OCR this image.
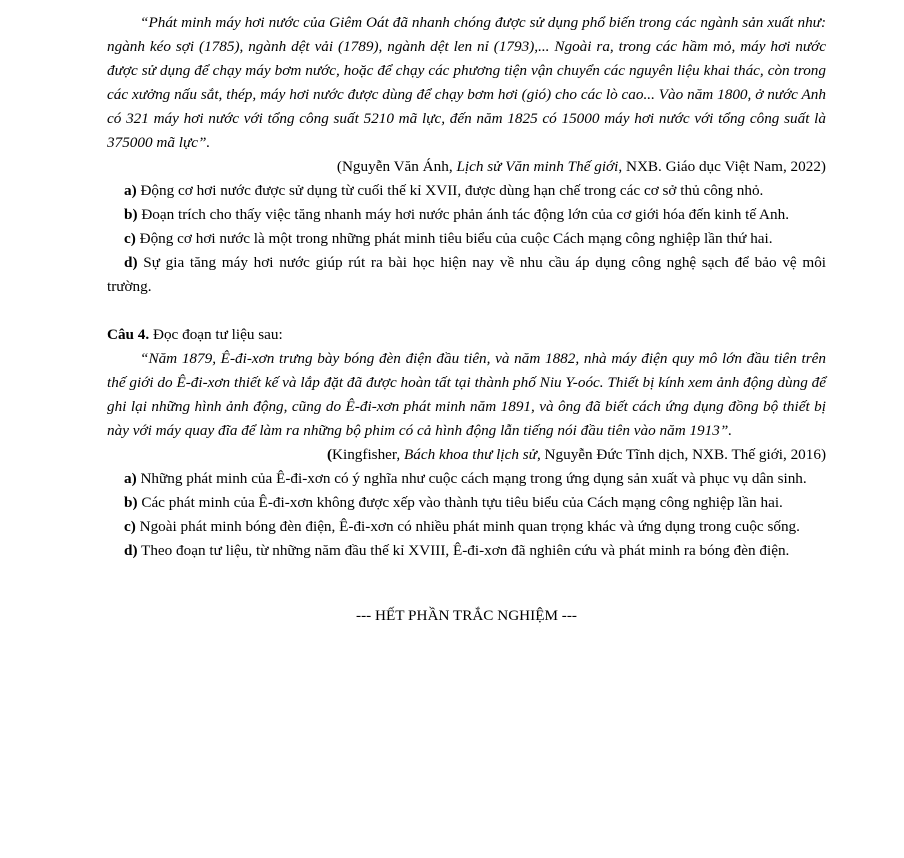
“Phát minh máy hơi nước của Giêm Oát đã nhanh chóng được sử dụng phổ biến trong các ngành sản xuất như: ngành kéo sợi (1785), ngành dệt vải (1789), ngành dệt len nỉ (1793),... Ngoài ra, trong các hầm mỏ, máy hơi nước được sử dụng để chạy máy bơm nước, hoặc để chạy các phương tiện vận chuyển các nguyên liệu khai thác, còn trong các xưởng nấu sắt, thép, máy hơi nước được dùng để chạy bơm hơi (gió) cho các lò cao... Vào năm 1800, ở nước Anh có 321 máy hơi nước với tổng công suất 5210 mã lực, đến năm 1825 có 15000 máy hơi nước với tổng công suất là 375000 mã lực”.

(Nguyễn Văn Ánh, Lịch sử Văn minh Thế giới, NXB. Giáo dục Việt Nam, 2022)

a) Động cơ hơi nước được sử dụng từ cuối thế kỉ XVII, được dùng hạn chế trong các cơ sở thủ công nhỏ.

b) Đoạn trích cho thấy việc tăng nhanh máy hơi nước phản ánh tác động lớn của cơ giới hóa đến kinh tế Anh.

c) Động cơ hơi nước là một trong những phát minh tiêu biểu của cuộc Cách mạng công nghiệp lần thứ hai.

d) Sự gia tăng máy hơi nước giúp rút ra bài học hiện nay về nhu cầu áp dụng công nghệ sạch để bảo vệ môi trường.

Câu 4. Đọc đoạn tư liệu sau:

“Năm 1879, Ê-đi-xơn trưng bày bóng đèn điện đầu tiên, và năm 1882, nhà máy điện quy mô lớn đầu tiên trên thế giới do Ê-đi-xơn thiết kế và lắp đặt đã được hoàn tất tại thành phố Niu Y-oóc. Thiết bị kính xem ảnh động dùng để ghi lại những hình ảnh động, cũng do Ê-đi-xơn phát minh năm 1891, và ông đã biết cách ứng dụng đồng bộ thiết bị này với máy quay đĩa để làm ra những bộ phim có cả hình động lẫn tiếng nói đầu tiên vào năm 1913”.

(Kingfisher, Bách khoa thư lịch sử, Nguyễn Đức Tĩnh dịch, NXB. Thế giới, 2016)

a) Những phát minh của Ê-đi-xơn có ý nghĩa như cuộc cách mạng trong ứng dụng sản xuất và phục vụ dân sinh.

b) Các phát minh của Ê-đi-xơn không được xếp vào thành tựu tiêu biểu của Cách mạng công nghiệp lần hai.

c) Ngoài phát minh bóng đèn điện, Ê-đi-xơn có nhiều phát minh quan trọng khác và ứng dụng trong cuộc sống.

d) Theo đoạn tư liệu, từ những năm đầu thế kỉ XVIII, Ê-đi-xơn đã nghiên cứu và phát minh ra bóng đèn điện.

--- HẾT PHẦN TRẮC NGHIỆM ---
